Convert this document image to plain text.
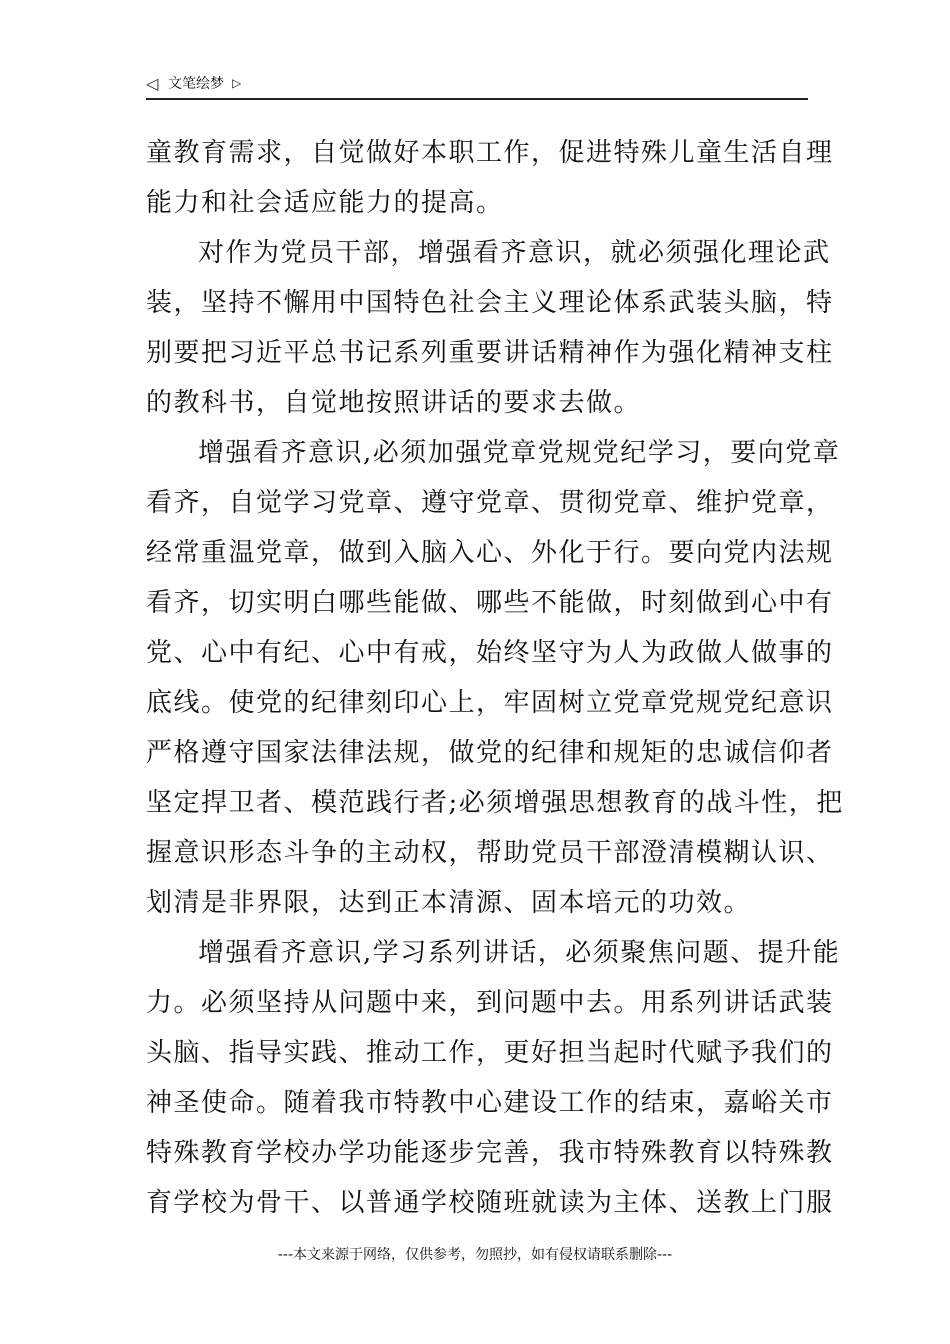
◁ 文笔绘梦 ▷
童教育需求，自觉做好本职工作，促进特殊儿童生活自理
能力和社会适应能力的提高。
对作为党员干部，增强看齐意识，就必须强化理论武
装，坚持不懈用中国特色社会主义理论体系武装头脑，特
别要把习近平总书记系列重要讲话精神作为强化精神支柱
的教科书，自觉地按照讲话的要求去做。
增强看齐意识,必须加强党章党规党纪学习，要向党章
看齐，自觉学习党章、遵守党章、贯彻党章、维护党章，
经常重温党章，做到入脑入心、外化于行。要向党内法规
看齐，切实明白哪些能做、哪些不能做，时刻做到心中有
党、心中有纪、心中有戒，始终坚守为人为政做人做事的
底线。使党的纪律刻印心上，牢固树立党章党规党纪意识
严格遵守国家法律法规，做党的纪律和规矩的忠诚信仰者
坚定捍卫者、模范践行者;必须增强思想教育的战斗性，把
握意识形态斗争的主动权，帮助党员干部澄清模糊认识、
划清是非界限，达到正本清源、固本培元的功效。
增强看齐意识,学习系列讲话，必须聚焦问题、提升能
力。必须坚持从问题中来，到问题中去。用系列讲话武装
头脑、指导实践、推动工作，更好担当起时代赋予我们的
神圣使命。随着我市特教中心建设工作的结束，嘉峪关市
特殊教育学校办学功能逐步完善，我市特殊教育以特殊教
育学校为骨干、以普通学校随班就读为主体、送教上门服
---本文来源于网络，仅供参考，勿照抄，如有侵权请联系删除---
